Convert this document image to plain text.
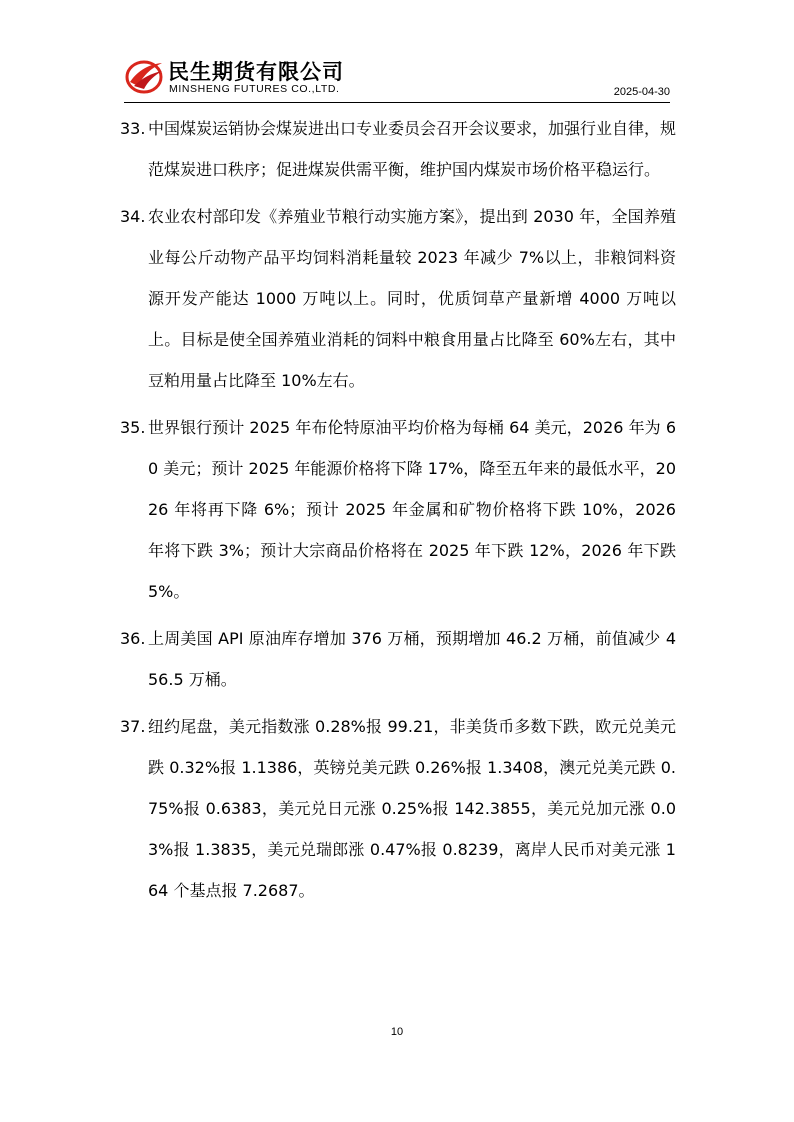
民生期货有限公司
MINSHENG FUTURES CO.,LTD.	2025-04-30
33. 中国煤炭运销协会煤炭进出口专业委员会召开会议要求，加强行业自律，规范煤炭进口秩序；促进煤炭供需平衡，维护国内煤炭市场价格平稳运行。
34. 农业农村部印发《养殖业节粮行动实施方案》，提出到 2030 年，全国养殖业每公斤动物产品平均饲料消耗量较 2023 年减少 7%以上，非粮饲料资源开发产能达 1000 万吨以上。同时，优质饲草产量新增 4000 万吨以上。目标是使全国养殖业消耗的饲料中粮食用量占比降至 60%左右，其中豆粕用量占比降至 10%左右。
35. 世界银行预计 2025 年布伦特原油平均价格为每桶 64 美元，2026 年为 60 美元；预计 2025 年能源价格将下降 17%，降至五年来的最低水平，2026 年将再下降 6%；预计 2025 年金属和矿物价格将下跌 10%，2026 年将下跌 3%；预计大宗商品价格将在 2025 年下跌 12%，2026 年下跌 5%。
36. 上周美国 API 原油库存增加 376 万桶，预期增加 46.2 万桶，前值减少 456.5 万桶。
37. 纽约尾盘，美元指数涨 0.28%报 99.21，非美货币多数下跌，欧元兑美元跌 0.32%报 1.1386，英镑兑美元跌 0.26%报 1.3408，澳元兑美元跌 0.75%报 0.6383，美元兑日元涨 0.25%报 142.3855，美元兑加元涨 0.03%报 1.3835，美元兑瑞郎涨 0.47%报 0.8239，离岸人民币对美元涨 164 个基点报 7.2687。
10
